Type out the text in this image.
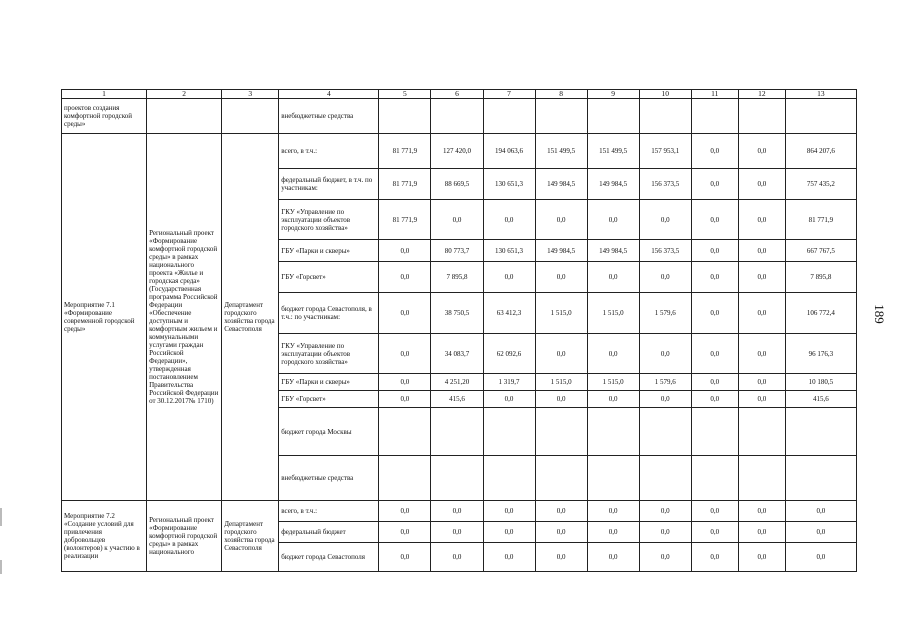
1	2	3	4	5	6	7	8	9	10	11	12	13
проектов создания комфортной городской среды»			внебюджетные средства									
Мероприятие 7.1 «Формирование современной городской среды»	Региональный проект «Формирование комфортной городской среды» в рамках национального проекта «Жилье и городская среда» (Государственная программа Российской Федерации «Обеспечение доступным и комфортным жильем и коммунальными услугами граждан Российской Федерации», утвержденная постановлением Правительства Российской Федерации от 30.12.2017№ 1710)	Департамент городского хозяйства города Севастополя	всего, в т.ч.:	81 771,9	127 420,0	194 063,6	151 499,5	151 499,5	157 953,1	0,0	0,0	864 207,6
			федеральный бюджет, в т.ч. по участникам:	81 771,9	88 669,5	130 651,3	149 984,5	149 984,5	156 373,5	0,0	0,0	757 435,2
			ГКУ «Управление по эксплуатации объектов городского хозяйства»	81 771,9	0,0	0,0	0,0	0,0	0,0	0,0	0,0	81 771,9
			ГБУ «Парки и скверы»	0,0	80 773,7	130 651,3	149 984,5	149 984,5	156 373,5	0,0	0,0	667 767,5
			ГБУ «Горсвет»	0,0	7 895,8	0,0	0,0	0,0	0,0	0,0	0,0	7 895,8
			бюджет города Севастополя, в т.ч.: по участникам:	0,0	38 750,5	63 412,3	1 515,0	1 515,0	1 579,6	0,0	0,0	106 772,4
			ГКУ «Управление по эксплуатации объектов городского хозяйства»	0,0	34 083,7	62 092,6	0,0	0,0	0,0	0,0	0,0	96 176,3
			ГБУ «Парки и скверы»	0,0	4 251,20	1 319,7	1 515,0	1 515,0	1 579,6	0,0	0,0	10 180,5
			ГБУ «Горсвет»	0,0	415,6	0,0	0,0	0,0	0,0	0,0	0,0	415,6
			бюджет города Москвы									
			внебюджетные средства									
Мероприятие 7.2 «Создание условий для привлечения добровольцев (волонтеров) к участию в реализации	Региональный проект «Формирование комфортной городской среды» в рамках национального	Департамент городского хозяйства города Севастополя	всего, в т.ч.:	0,0	0,0	0,0	0,0	0,0	0,0	0,0	0,0	0,0
			федеральный бюджет	0,0	0,0	0,0	0,0	0,0	0,0	0,0	0,0	0,0
			бюджет города Севастополя	0,0	0,0	0,0	0,0	0,0	0,0	0,0	0,0	0,0
189
